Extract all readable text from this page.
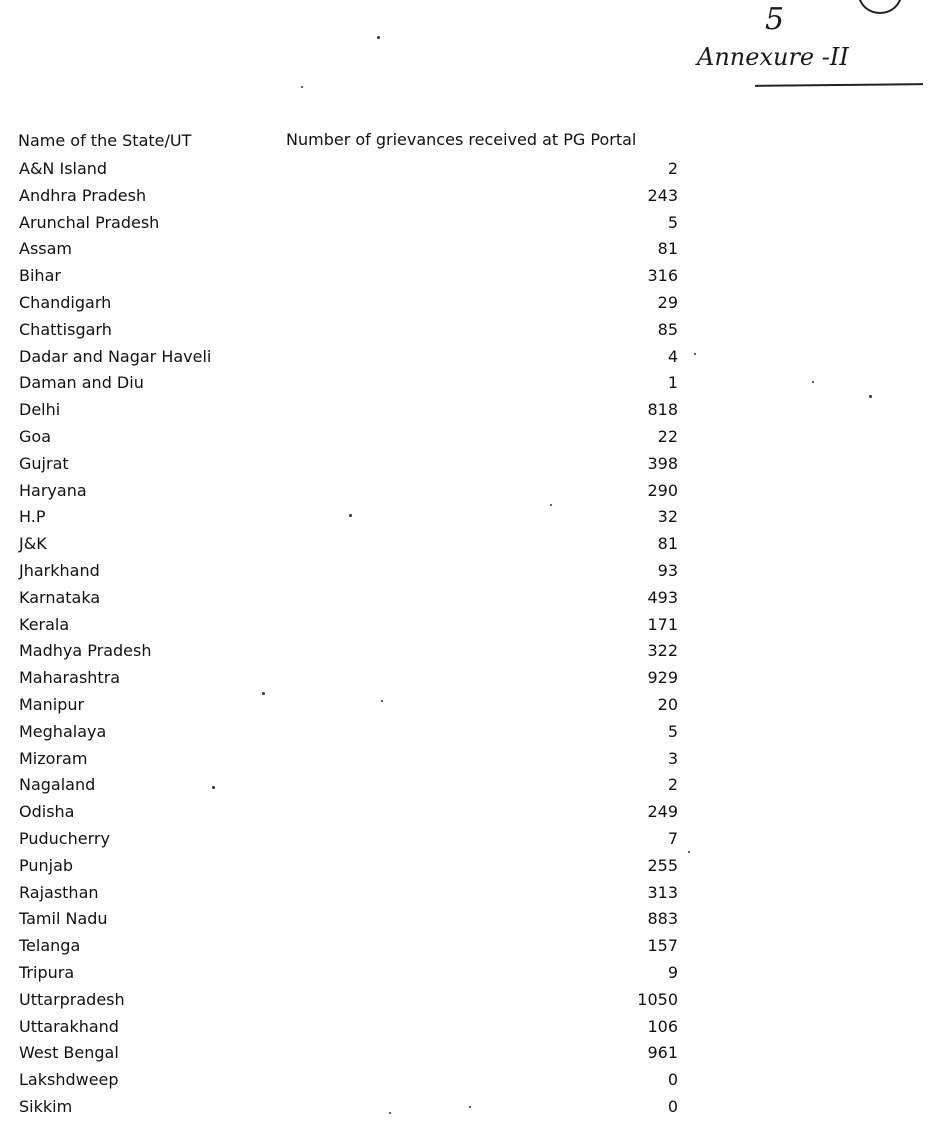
5
Annexure -II
Name of the State/UT	Number of grievances received at PG Portal
A&N Island	2
Andhra Pradesh	243
Arunchal Pradesh	5
Assam	81
Bihar	316
Chandigarh	29
Chattisgarh	85
Dadar and Nagar Haveli	4
Daman and Diu	1
Delhi	818
Goa	22
Gujrat	398
Haryana	290
H.P	32
J&K	81
Jharkhand	93
Karnataka	493
Kerala	171
Madhya Pradesh	322
Maharashtra	929
Manipur	20
Meghalaya	5
Mizoram	3
Nagaland	2
Odisha	249
Puducherry	7
Punjab	255
Rajasthan	313
Tamil Nadu	883
Telanga	157
Tripura	9
Uttarpradesh	1050
Uttarakhand	106
West Bengal	961
Lakshdweep	0
Sikkim	0
